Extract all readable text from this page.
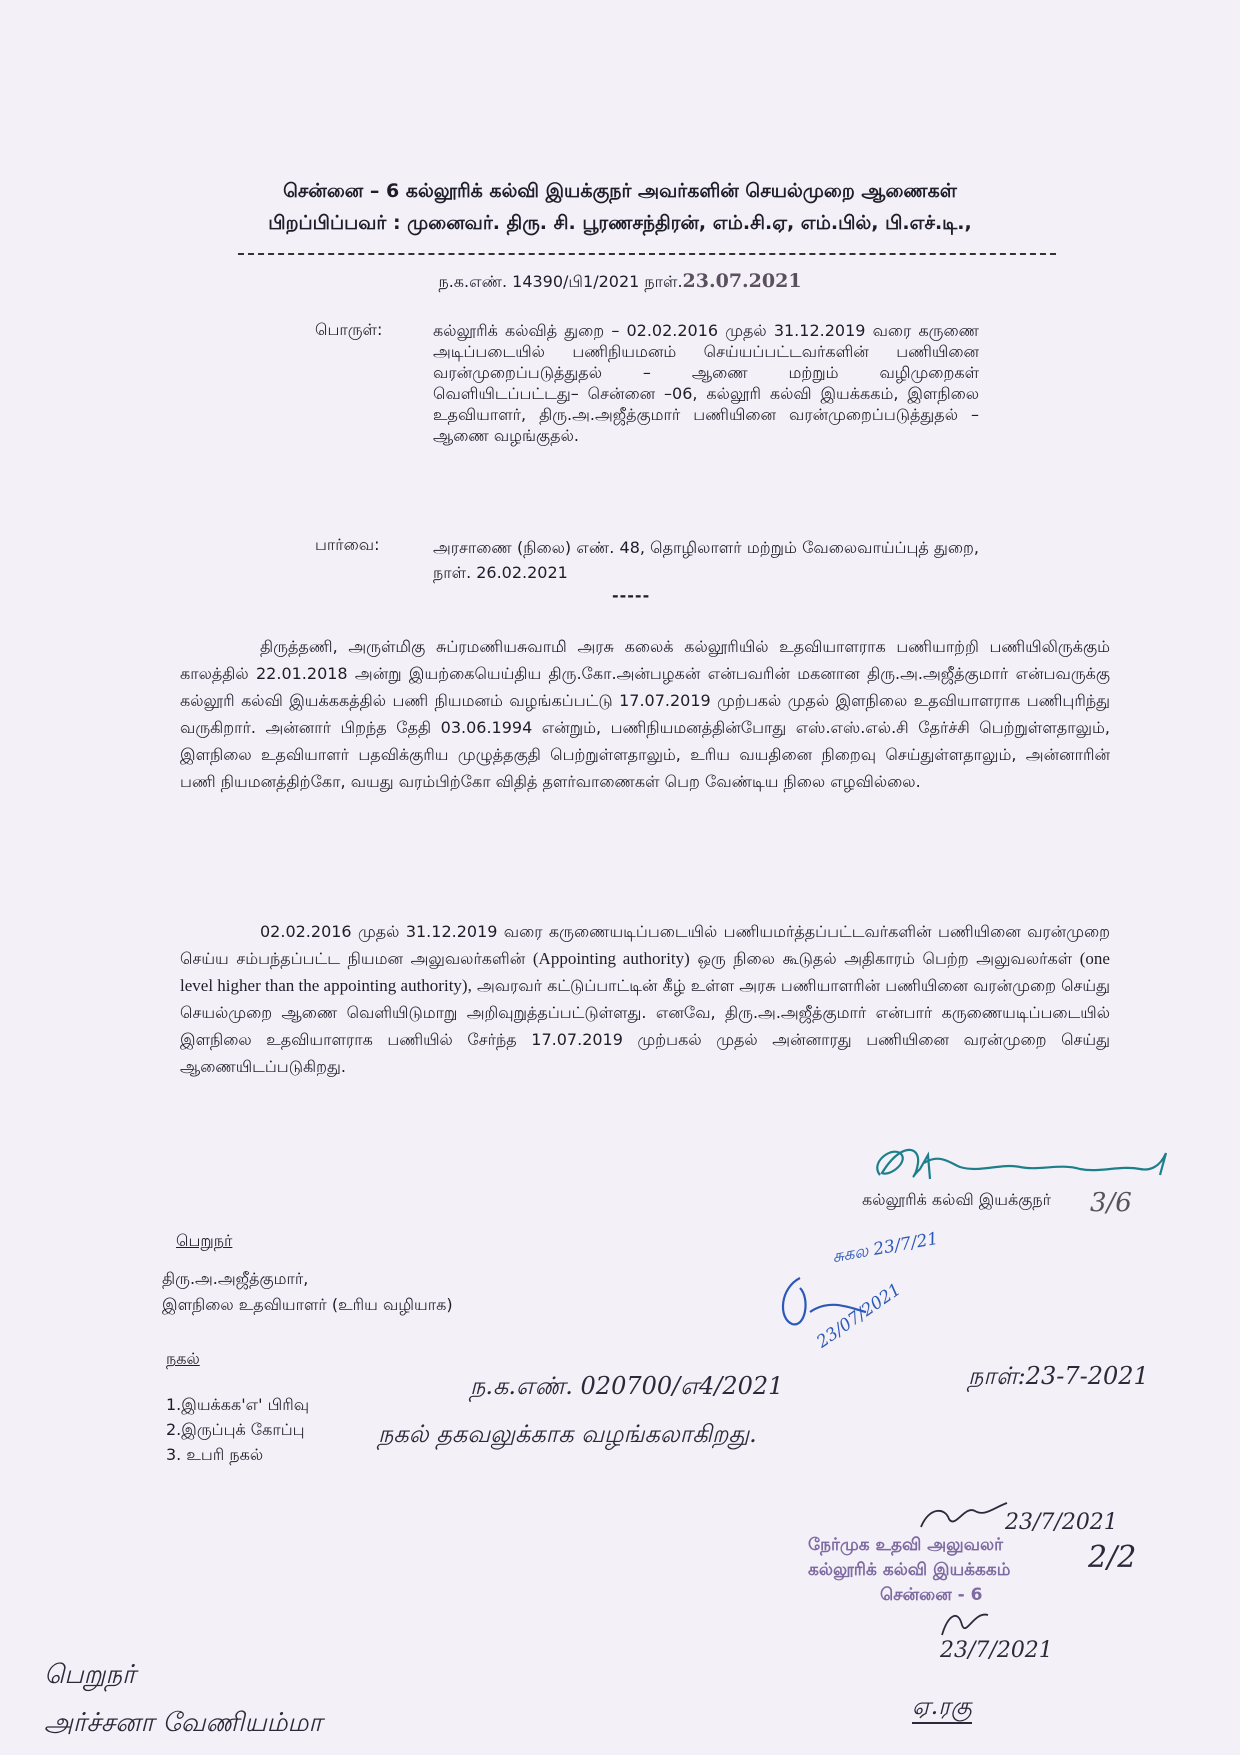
சென்னை – 6 கல்லூரிக் கல்வி இயக்குநர் அவர்களின் செயல்முறை ஆணைகள்
பிறப்பிப்பவர் : முனைவர். திரு. சி. பூரணசந்திரன், எம்.சி.ஏ, எம்.பில், பி.எச்.டி.,
ந.க.எண். 14390/பி1/2021 நாள்.23.07.2021
பொருள்:	கல்லூரிக் கல்வித் துறை – 02.02.2016 முதல் 31.12.2019 வரை கருணை அடிப்படையில் பணிநியமனம் செய்யப்பட்டவர்களின் பணியினை வரன்முறைப்படுத்துதல் – ஆணை மற்றும் வழிமுறைகள் வெளியிடப்பட்டது– சென்னை –06, கல்லூரி கல்வி இயக்ககம், இளநிலை உதவியாளர், திரு.அ.அஜீத்குமார் பணியினை வரன்முறைப்படுத்துதல் – ஆணை வழங்குதல்.
பார்வை:	அரசாணை (நிலை) எண். 48, தொழிலாளர் மற்றும் வேலைவாய்ப்புத் துறை, நாள். 26.02.2021
-----
திருத்தணி, அருள்மிகு சுப்ரமணியசுவாமி அரசு கலைக் கல்லூரியில் உதவியாளராக பணியாற்றி பணியிலிருக்கும் காலத்தில் 22.01.2018 அன்று இயற்கையெய்திய திரு.கோ.அன்பழகன் என்பவரின் மகனான திரு.அ.அஜீத்குமார் என்பவருக்கு கல்லூரி கல்வி இயக்ககத்தில் பணி நியமனம் வழங்கப்பட்டு 17.07.2019 முற்பகல் முதல் இளநிலை உதவியாளராக பணிபுரிந்து வருகிறார். அன்னார் பிறந்த தேதி 03.06.1994 என்றும், பணிநியமனத்தின்போது எஸ்.எஸ்.எல்.சி தேர்ச்சி பெற்றுள்ளதாலும், இளநிலை உதவியாளர் பதவிக்குரிய முழுத்தகுதி பெற்றுள்ளதாலும், உரிய வயதினை நிறைவு செய்துள்ளதாலும், அன்னாரின் பணி நியமனத்திற்கோ, வயது வரம்பிற்கோ விதித் தளர்வாணைகள் பெற வேண்டிய நிலை எழவில்லை.
02.02.2016 முதல் 31.12.2019 வரை கருணையடிப்படையில் பணியமர்த்தப்பட்டவர்களின் பணியினை வரன்முறை செய்ய சம்பந்தப்பட்ட நியமன அலுவலர்களின் (Appointing authority) ஒரு நிலை கூடுதல் அதிகாரம் பெற்ற அலுவலர்கள் (one level higher than the appointing authority), அவரவர் கட்டுப்பாட்டின் கீழ் உள்ள அரசு பணியாளரின் பணியினை வரன்முறை செய்து செயல்முறை ஆணை வெளியிடுமாறு அறிவுறுத்தப்பட்டுள்ளது. எனவே, திரு.அ.அஜீத்குமார் என்பார் கருணையடிப்படையில் இளநிலை உதவியாளராக பணியில் சேர்ந்த 17.07.2019 முற்பகல் முதல் அன்னாரது பணியினை வரன்முறை செய்து ஆணையிடப்படுகிறது.
கல்லூரிக் கல்வி இயக்குநர் 3/6
பெறுநர்
திரு.அ.அஜீத்குமார்,
இளநிலை உதவியாளர் (உரிய வழியாக)
நகல்
1.இயக்கக'எ' பிரிவு
2.இருப்புக் கோப்பு
3. உபரி நகல்
சுகல 23/7/21
23/07/2021
ந.க.எண். 020700/எ4/2021	நாள்:23-7-2021
நகல் தகவலுக்காக வழங்கலாகிறது.
23/7/2021
நேர்முக உதவி அலுவலர்
கல்லூரிக் கல்வி இயக்ககம்
சென்னை - 6
2/2
23/7/2021
ஏ.ரகு
பெறுநர்
அர்ச்சனா வேணியம்மா
